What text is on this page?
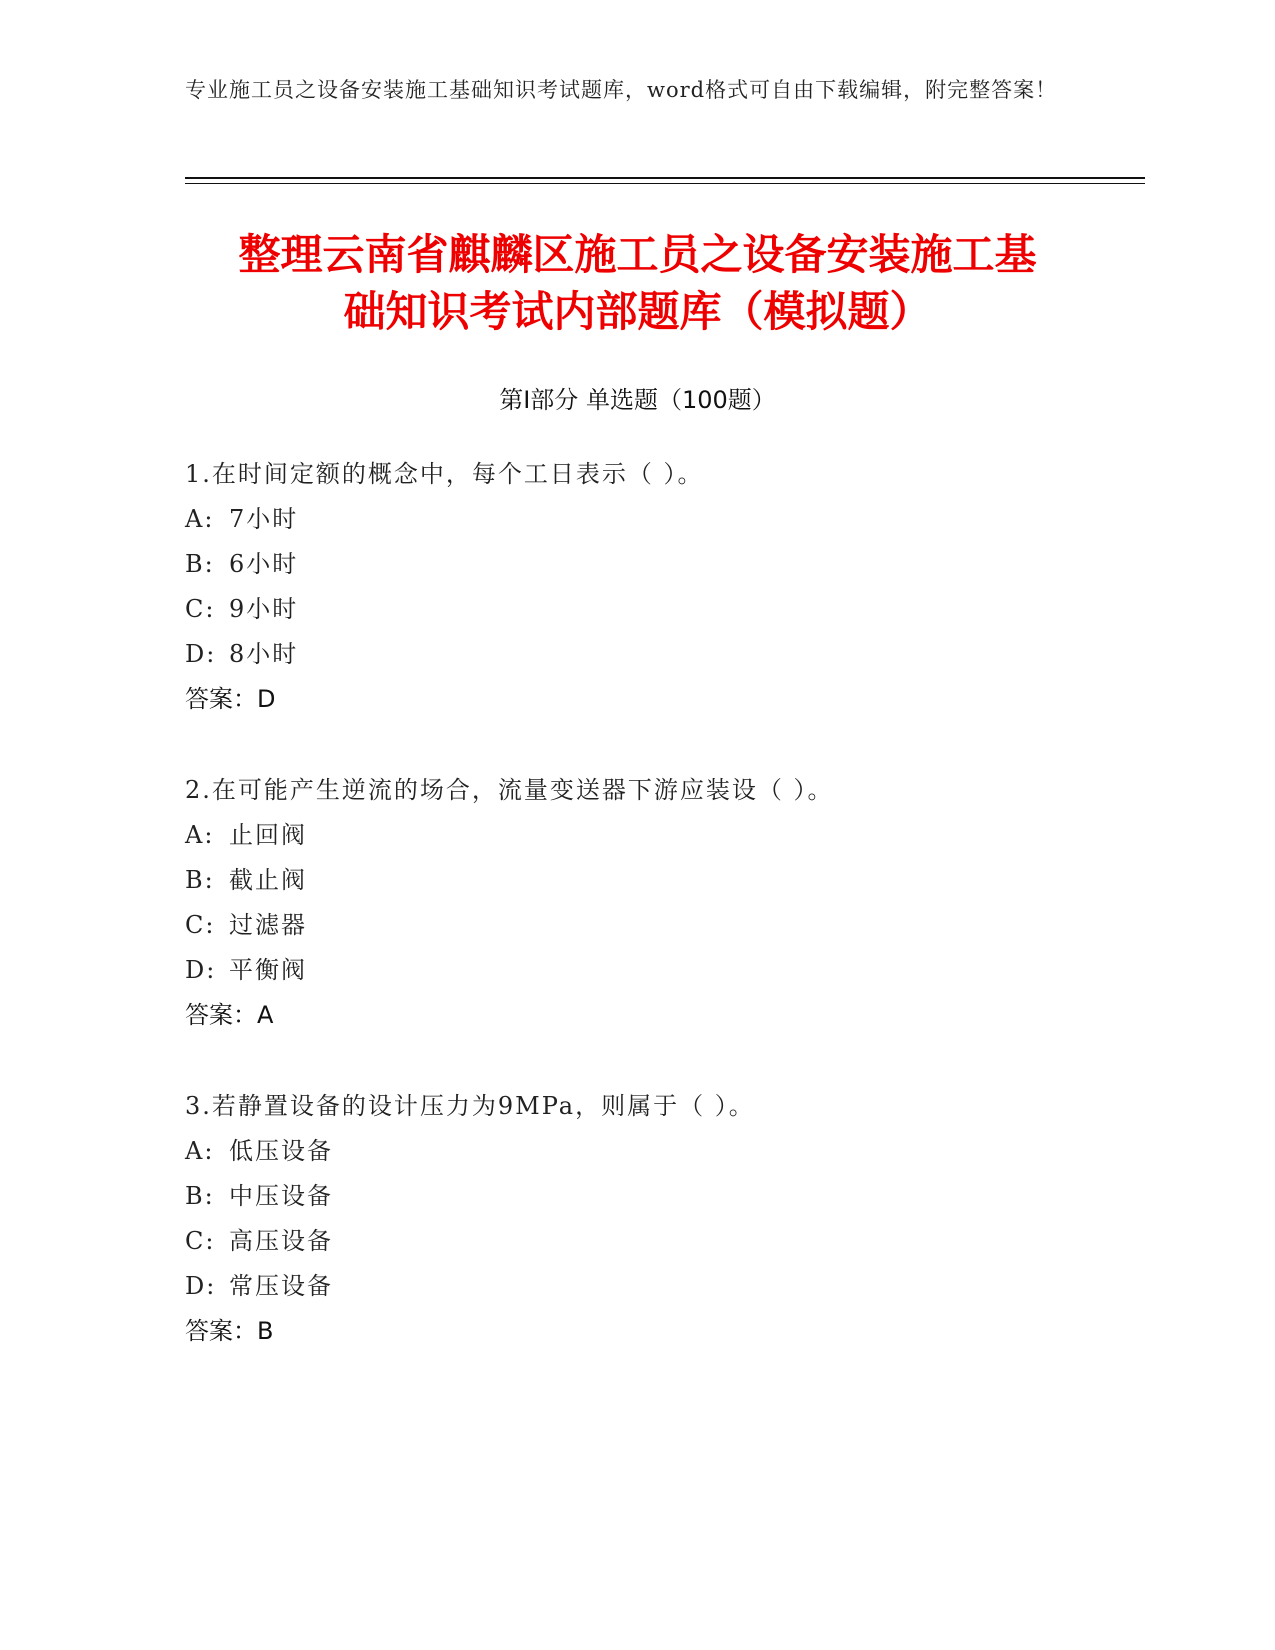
专业施工员之设备安装施工基础知识考试题库，word格式可自由下载编辑，附完整答案！
整理云南省麒麟区施工员之设备安装施工基
础知识考试内部题库（模拟题）
第Ⅰ部分 单选题（100题）
1.在时间定额的概念中，每个工日表示（ ）。
A: 7小时
B: 6小时
C: 9小时
D: 8小时
答案：D
2.在可能产生逆流的场合，流量变送器下游应装设（ ）。
A: 止回阀
B: 截止阀
C: 过滤器
D: 平衡阀
答案：A
3.若静置设备的设计压力为9MPa，则属于（ ）。
A: 低压设备
B: 中压设备
C: 高压设备
D: 常压设备
答案：B
